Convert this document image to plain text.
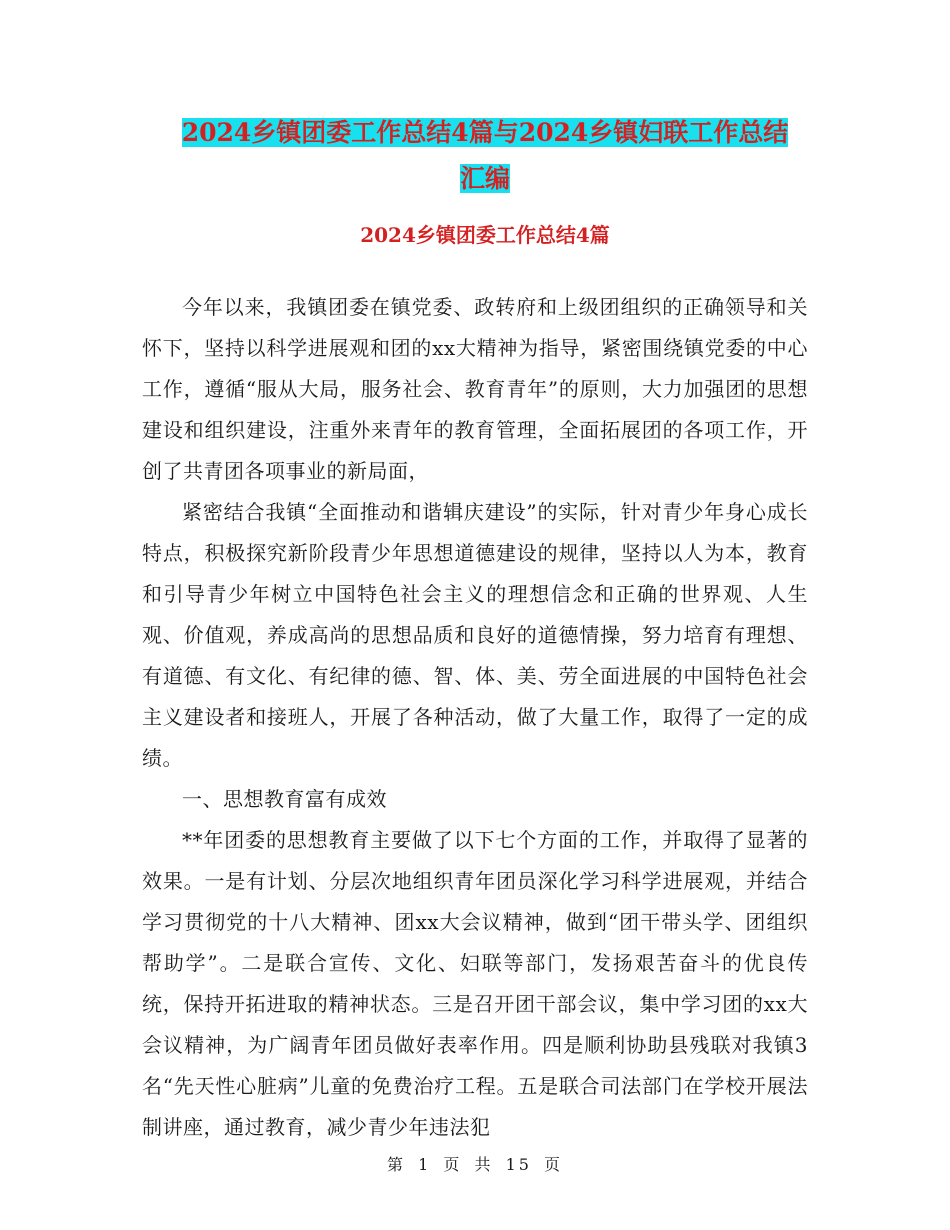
2024乡镇团委工作总结4篇与2024乡镇妇联工作总结
汇编
2024乡镇团委工作总结4篇

今年以来，我镇团委在镇党委、政转府和上级团组织的正确领导和关怀下，坚持以科学进展观和团的xx大精神为指导，紧密围绕镇党委的中心工作，遵循“服从大局，服务社会、教育青年”的原则，大力加强团的思想建设和组织建设，注重外来青年的教育管理，全面拓展团的各项工作，开创了共青团各项事业的新局面，

紧密结合我镇“全面推动和谐辑庆建设”的实际，针对青少年身心成长特点，积极探究新阶段青少年思想道德建设的规律，坚持以人为本，教育和引导青少年树立中国特色社会主义的理想信念和正确的世界观、人生观、价值观，养成高尚的思想品质和良好的道德情操，努力培育有理想、有道德、有文化、有纪律的德、智、体、美、劳全面进展的中国特色社会主义建设者和接班人，开展了各种活动，做了大量工作，取得了一定的成绩。

一、思想教育富有成效

**年团委的思想教育主要做了以下七个方面的工作，并取得了显著的效果。一是有计划、分层次地组织青年团员深化学习科学进展观，并结合学习贯彻党的十八大精神、团xx大会议精神，做到“团干带头学、团组织帮助学”。二是联合宣传、文化、妇联等部门，发扬艰苦奋斗的优良传统，保持开拓进取的精神状态。三是召开团干部会议，集中学习团的xx大会议精神，为广阔青年团员做好表率作用。四是顺利协助县残联对我镇3名“先天性心脏病”儿童的免费治疗工程。五是联合司法部门在学校开展法制讲座，通过教育，减少青少年违法犯

第 1 页 共 15 页
